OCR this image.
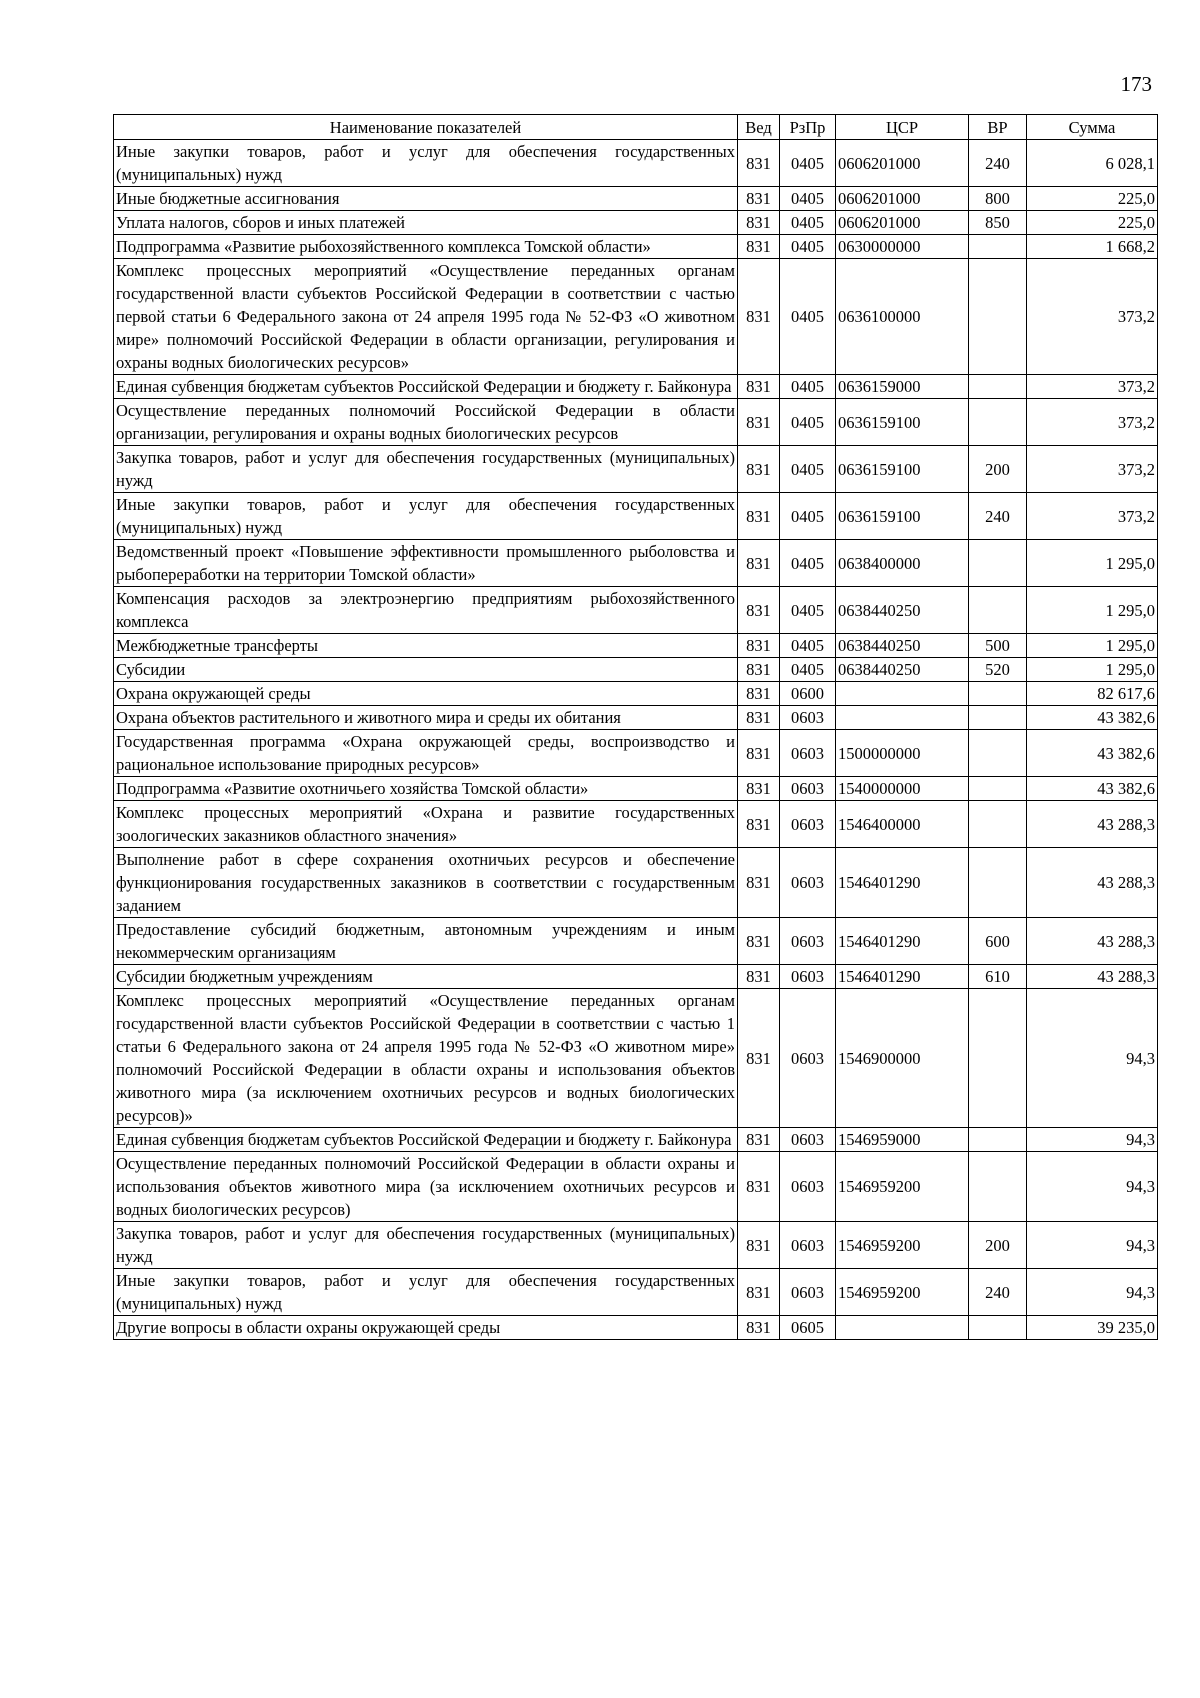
173
Наименование показателей	Вед	РзПр	ЦСР	ВР	Сумма
Иные закупки товаров, работ и услуг для обеспечения государственных (муниципальных) нужд	831	0405	0606201000	240	6 028,1
Иные бюджетные ассигнования	831	0405	0606201000	800	225,0
Уплата налогов, сборов и иных платежей	831	0405	0606201000	850	225,0
Подпрограмма «Развитие рыбохозяйственного комплекса Томской области»	831	0405	0630000000		1 668,2
Комплекс процессных мероприятий «Осуществление переданных органам государственной власти субъектов Российской Федерации в соответствии с частью первой статьи 6 Федерального закона от 24 апреля 1995 года № 52-ФЗ «О животном мире» полномочий Российской Федерации в области организации, регулирования и охраны водных биологических ресурсов»	831	0405	0636100000		373,2
Единая субвенция бюджетам субъектов Российской Федерации и бюджету г. Байконура	831	0405	0636159000		373,2
Осуществление переданных полномочий Российской Федерации в области организации, регулирования и охраны водных биологических ресурсов	831	0405	0636159100		373,2
Закупка товаров, работ и услуг для обеспечения государственных (муниципальных) нужд	831	0405	0636159100	200	373,2
Иные закупки товаров, работ и услуг для обеспечения государственных (муниципальных) нужд	831	0405	0636159100	240	373,2
Ведомственный проект «Повышение эффективности промышленного рыболовства и рыбопереработки на территории Томской области»	831	0405	0638400000		1 295,0
Компенсация расходов за электроэнергию предприятиям рыбохозяйственного комплекса	831	0405	0638440250		1 295,0
Межбюджетные трансферты	831	0405	0638440250	500	1 295,0
Субсидии	831	0405	0638440250	520	1 295,0
Охрана окружающей среды	831	0600			82 617,6
Охрана объектов растительного и животного мира и среды их обитания	831	0603			43 382,6
Государственная программа «Охрана окружающей среды, воспроизводство и рациональное использование природных ресурсов»	831	0603	1500000000		43 382,6
Подпрограмма «Развитие охотничьего хозяйства Томской области»	831	0603	1540000000		43 382,6
Комплекс процессных мероприятий «Охрана и развитие государственных зоологических заказников областного значения»	831	0603	1546400000		43 288,3
Выполнение работ в сфере сохранения охотничьих ресурсов и обеспечение функционирования государственных заказников в соответствии с государственным заданием	831	0603	1546401290		43 288,3
Предоставление субсидий бюджетным, автономным учреждениям и иным некоммерческим организациям	831	0603	1546401290	600	43 288,3
Субсидии бюджетным учреждениям	831	0603	1546401290	610	43 288,3
Комплекс процессных мероприятий «Осуществление переданных органам государственной власти субъектов Российской Федерации в соответствии с частью 1 статьи 6 Федерального закона от 24 апреля 1995 года № 52-ФЗ «О животном мире» полномочий Российской Федерации в области охраны и использования объектов животного мира (за исключением охотничьих ресурсов и водных биологических ресурсов)»	831	0603	1546900000		94,3
Единая субвенция бюджетам субъектов Российской Федерации и бюджету г. Байконура	831	0603	1546959000		94,3
Осуществление переданных полномочий Российской Федерации в области охраны и использования объектов животного мира (за исключением охотничьих ресурсов и водных биологических ресурсов)	831	0603	1546959200		94,3
Закупка товаров, работ и услуг для обеспечения государственных (муниципальных) нужд	831	0603	1546959200	200	94,3
Иные закупки товаров, работ и услуг для обеспечения государственных (муниципальных) нужд	831	0603	1546959200	240	94,3
Другие вопросы в области охраны окружающей среды	831	0605			39 235,0
